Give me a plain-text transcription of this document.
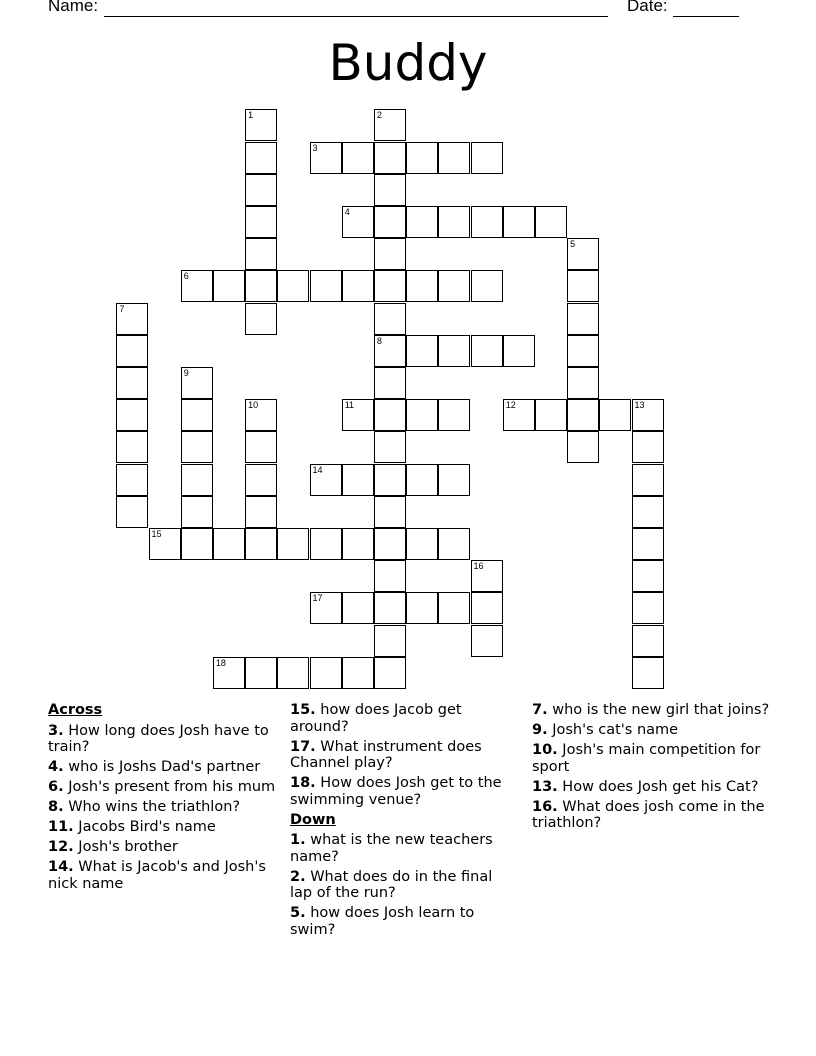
Name:	Date:
Buddy
1	2
8
3
4
5
6
7
9
10	11	12	13
14
15
16
17
18
Across
3. How long does Josh have to train?
4. who is Joshs Dad's partner
6. Josh's present from his mum
8. Who wins the triathlon?
11. Jacobs Bird's name
12. Josh's brother
14. What is Jacob's and Josh's nick name
15. how does Jacob get around?
17. What instrument does Channel play?
18. How does Josh get to the swimming venue?
Down
1. what is the new teachers name?
2. What does do in the final lap of the run?
5. how does Josh learn to swim?
7. who is the new girl that joins?
9. Josh's cat's name
10. Josh's main competition for sport
13. How does Josh get his Cat?
16. What does josh come in the triathlon?
